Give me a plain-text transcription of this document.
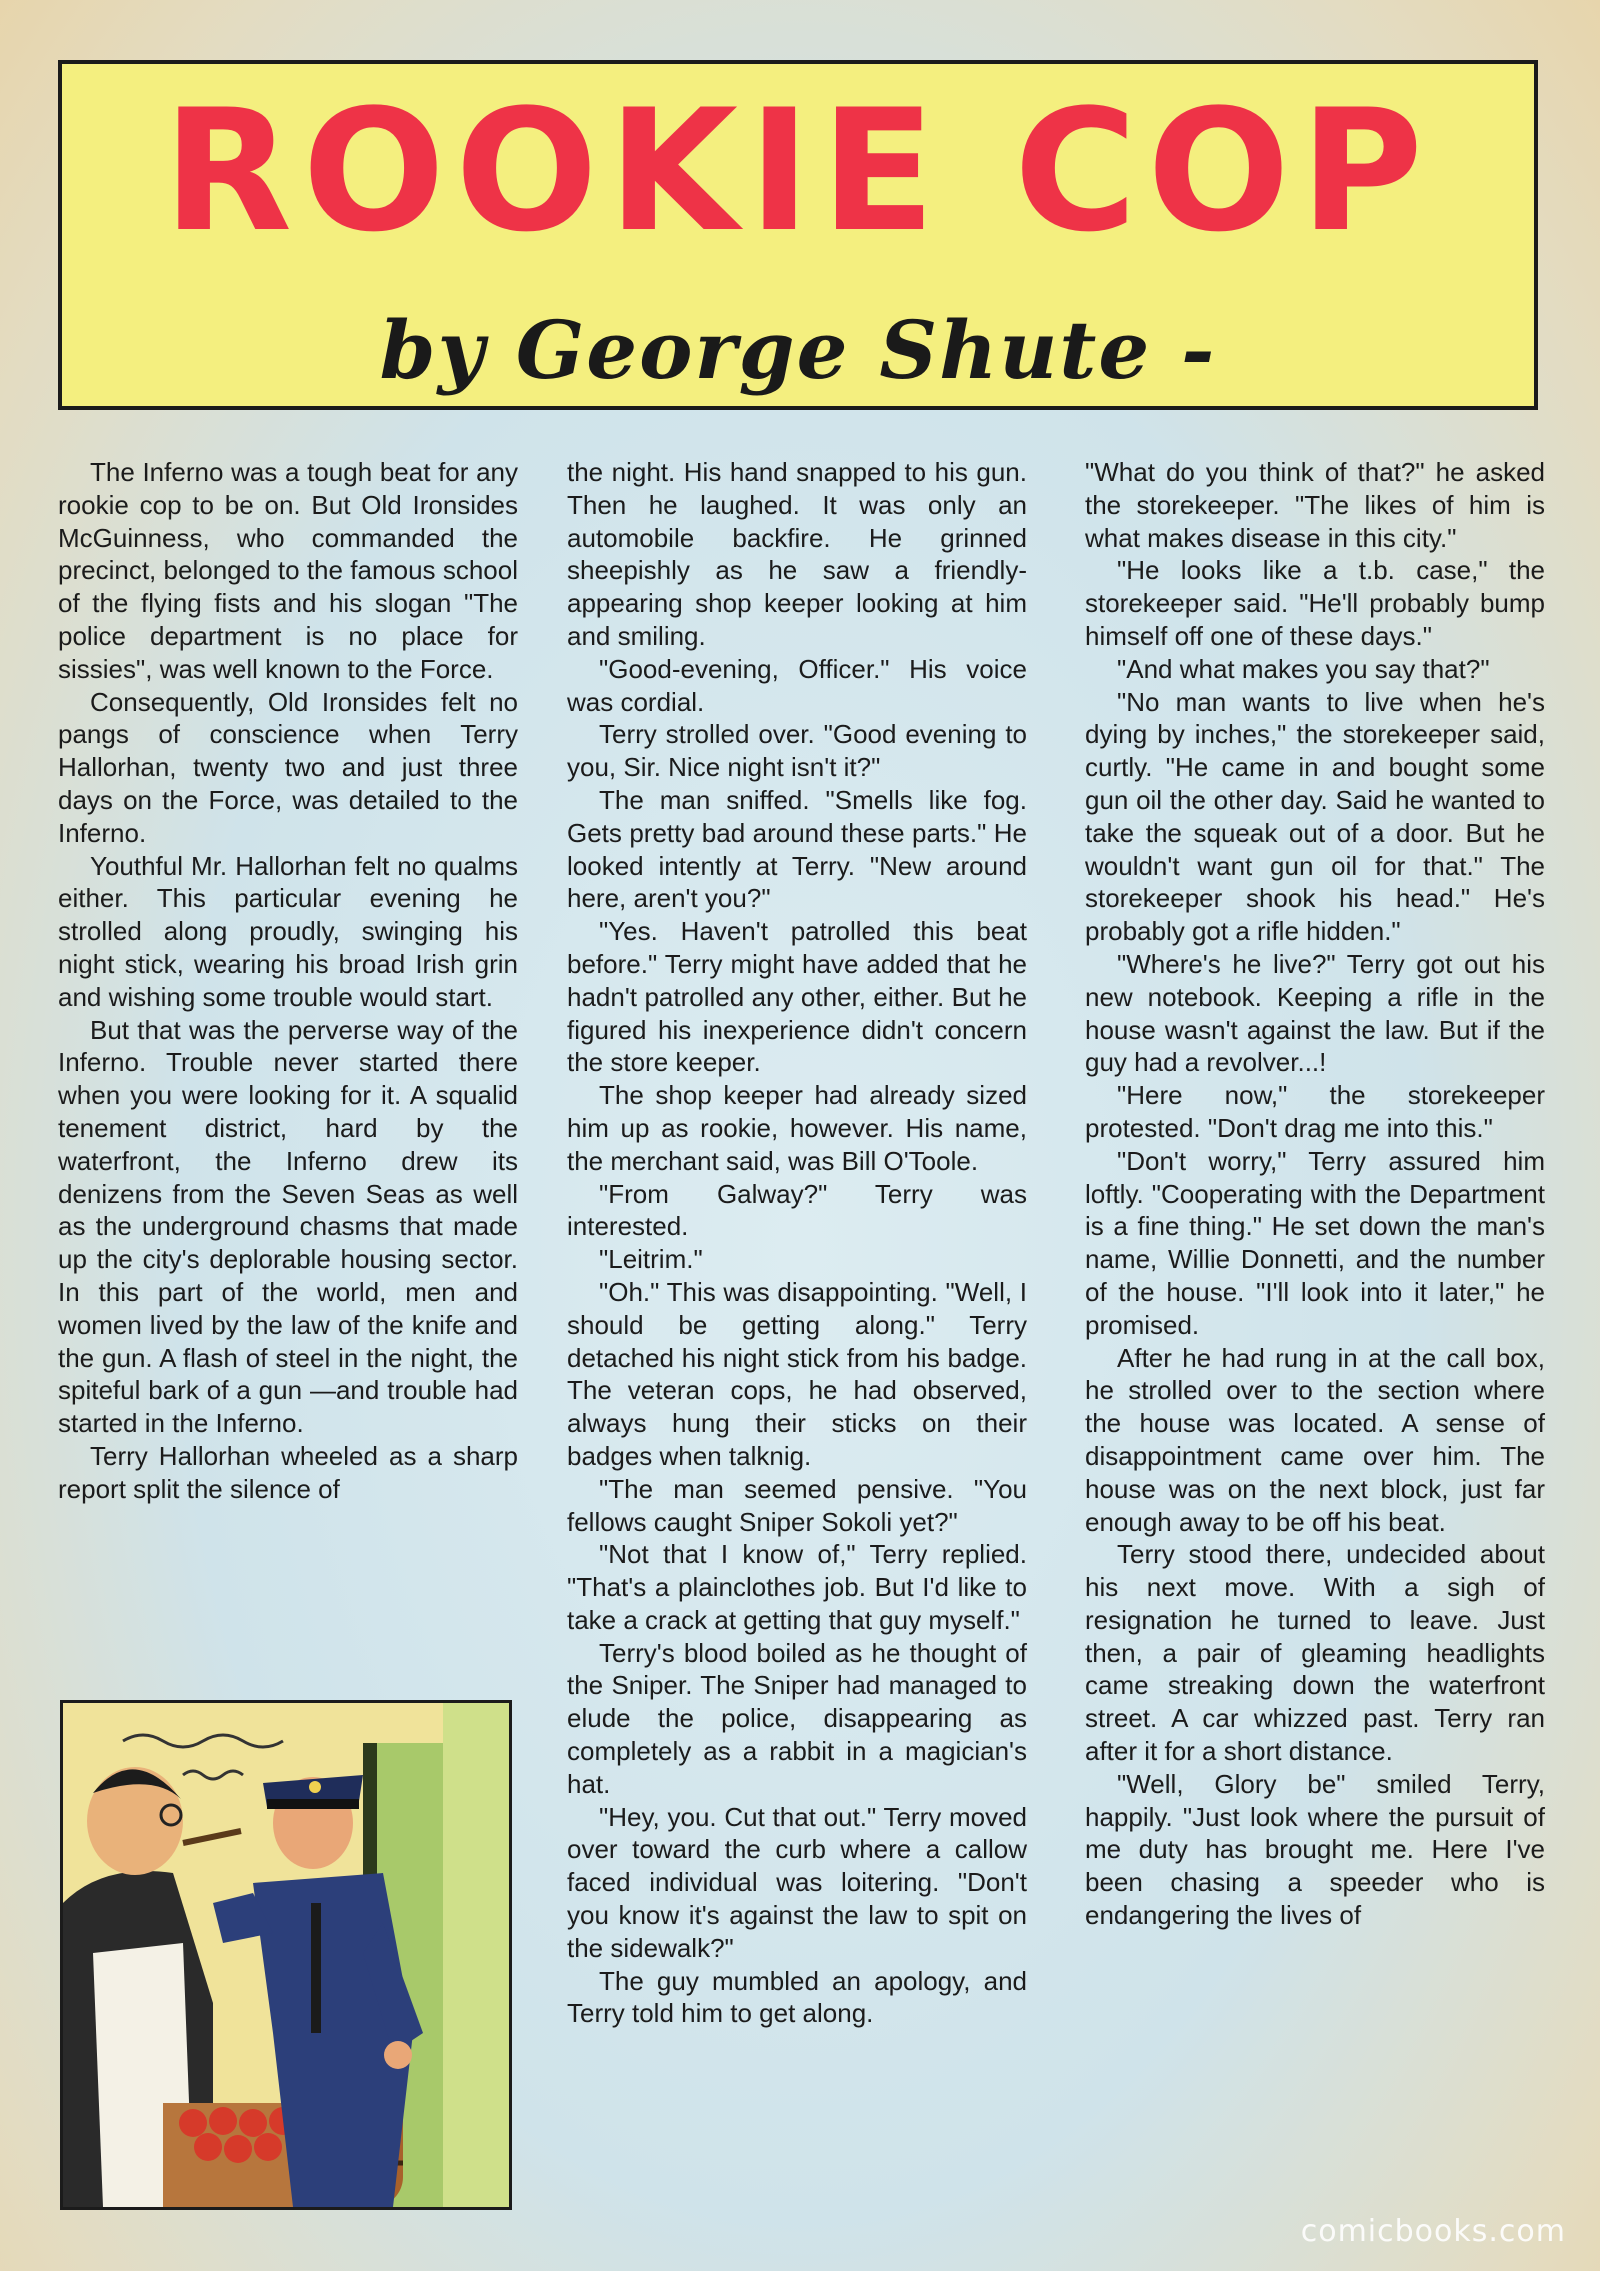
ROOKIE COP
by George Shute -

The Inferno was a tough beat for any rookie cop to be on. But Old Ironsides McGuinness, who commanded the precinct, belonged to the famous school of the flying fists and his slogan "The police department is no place for sissies", was well known to the Force.

Consequently, Old Ironsides felt no pangs of conscience when Terry Hallorhan, twenty two and just three days on the Force, was detailed to the Inferno.

Youthful Mr. Hallorhan felt no qualms either. This particular evening he strolled along proudly, swinging his night stick, wearing his broad Irish grin and wishing some trouble would start.

But that was the perverse way of the Inferno. Trouble never started there when you were looking for it. A squalid tenement district, hard by the waterfront, the Inferno drew its denizens from the Seven Seas as well as the underground chasms that made up the city's deplorable housing sector. In this part of the world, men and women lived by the law of the knife and the gun. A flash of steel in the night, the spiteful bark of a gun —and trouble had started in the Inferno.

Terry Hallorhan wheeled as a sharp report split the silence of

the night. His hand snapped to his gun. Then he laughed. It was only an automobile backfire. He grinned sheepishly as he saw a friendly-appearing shop keeper looking at him and smiling.

"Good-evening, Officer." His voice was cordial.

Terry strolled over. "Good evening to you, Sir. Nice night isn't it?"

The man sniffed. "Smells like fog. Gets pretty bad around these parts." He looked intently at Terry. "New around here, aren't you?"

"Yes. Haven't patrolled this beat before." Terry might have added that he hadn't patrolled any other, either. But he figured his inexperience didn't concern the store keeper.

The shop keeper had already sized him up as rookie, however. His name, the merchant said, was Bill O'Toole.

"From Galway?" Terry was interested.

"Leitrim."

"Oh." This was disappointing. "Well, I should be getting along." Terry detached his night stick from his badge. The veteran cops, he had observed, always hung their sticks on their badges when talknig.

"The man seemed pensive. "You fellows caught Sniper Sokoli yet?"

"Not that I know of," Terry replied. "That's a plainclothes job. But I'd like to take a crack at getting that guy myself."

Terry's blood boiled as he thought of the Sniper. The Sniper had managed to elude the police, disappearing as completely as a rabbit in a magician's hat.

"Hey, you. Cut that out." Terry moved over toward the curb where a callow faced individual was loitering. "Don't you know it's against the law to spit on the sidewalk?"

The guy mumbled an apology, and Terry told him to get along.

"What do you think of that?" he asked the storekeeper. "The likes of him is what makes disease in this city."

"He looks like a t.b. case," the storekeeper said. "He'll probably bump himself off one of these days."

"And what makes you say that?"

"No man wants to live when he's dying by inches," the storekeeper said, curtly. "He came in and bought some gun oil the other day. Said he wanted to take the squeak out of a door. But he wouldn't want gun oil for that." The storekeeper shook his head." He's probably got a rifle hidden."

"Where's he live?" Terry got out his new notebook. Keeping a rifle in the house wasn't against the law. But if the guy had a revolver...!

"Here now," the storekeeper protested. "Don't drag me into this."

"Don't worry," Terry assured him loftly. "Cooperating with the Department is a fine thing." He set down the man's name, Willie Donnetti, and the number of the house. "I'll look into it later," he promised.

After he had rung in at the call box, he strolled over to the section where the house was located. A sense of disappointment came over him. The house was on the next block, just far enough away to be off his beat.

Terry stood there, undecided about his next move. With a sigh of resignation he turned to leave. Just then, a pair of gleaming headlights came streaking down the waterfront street. A car whizzed past. Terry ran after it for a short distance.

"Well, Glory be" smiled Terry, happily. "Just look where the pursuit of me duty has brought me. Here I've been chasing a speeder who is endangering the lives of

comicbooks.com
